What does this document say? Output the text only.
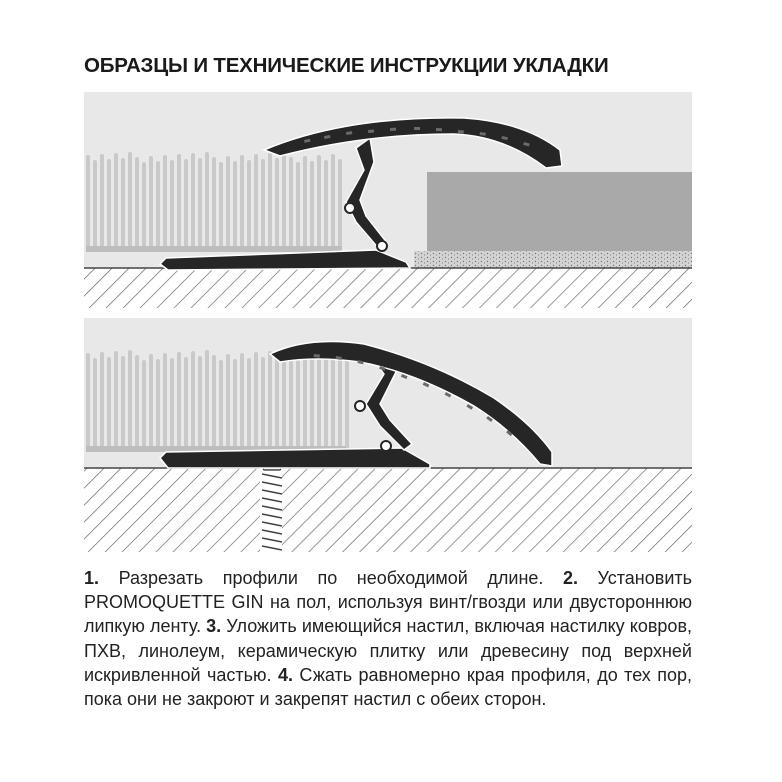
ОБРАЗЦЫ И ТЕХНИЧЕСКИЕ ИНСТРУКЦИИ УКЛАДКИ
1. Разрезать профили по необходимой длине. 2. Установить PROMOQUETTE GIN на пол, используя винт/гвозди или двустороннюю липкую ленту. 3. Уложить имеющийся настил, включая настилку ковров, ПХВ, линолеум, керамическую плитку или древесину под верхней искривленной частью. 4. Сжать равномерно края профиля, до тех пор, пока они не закроют и закрепят настил с обеих сторон.
